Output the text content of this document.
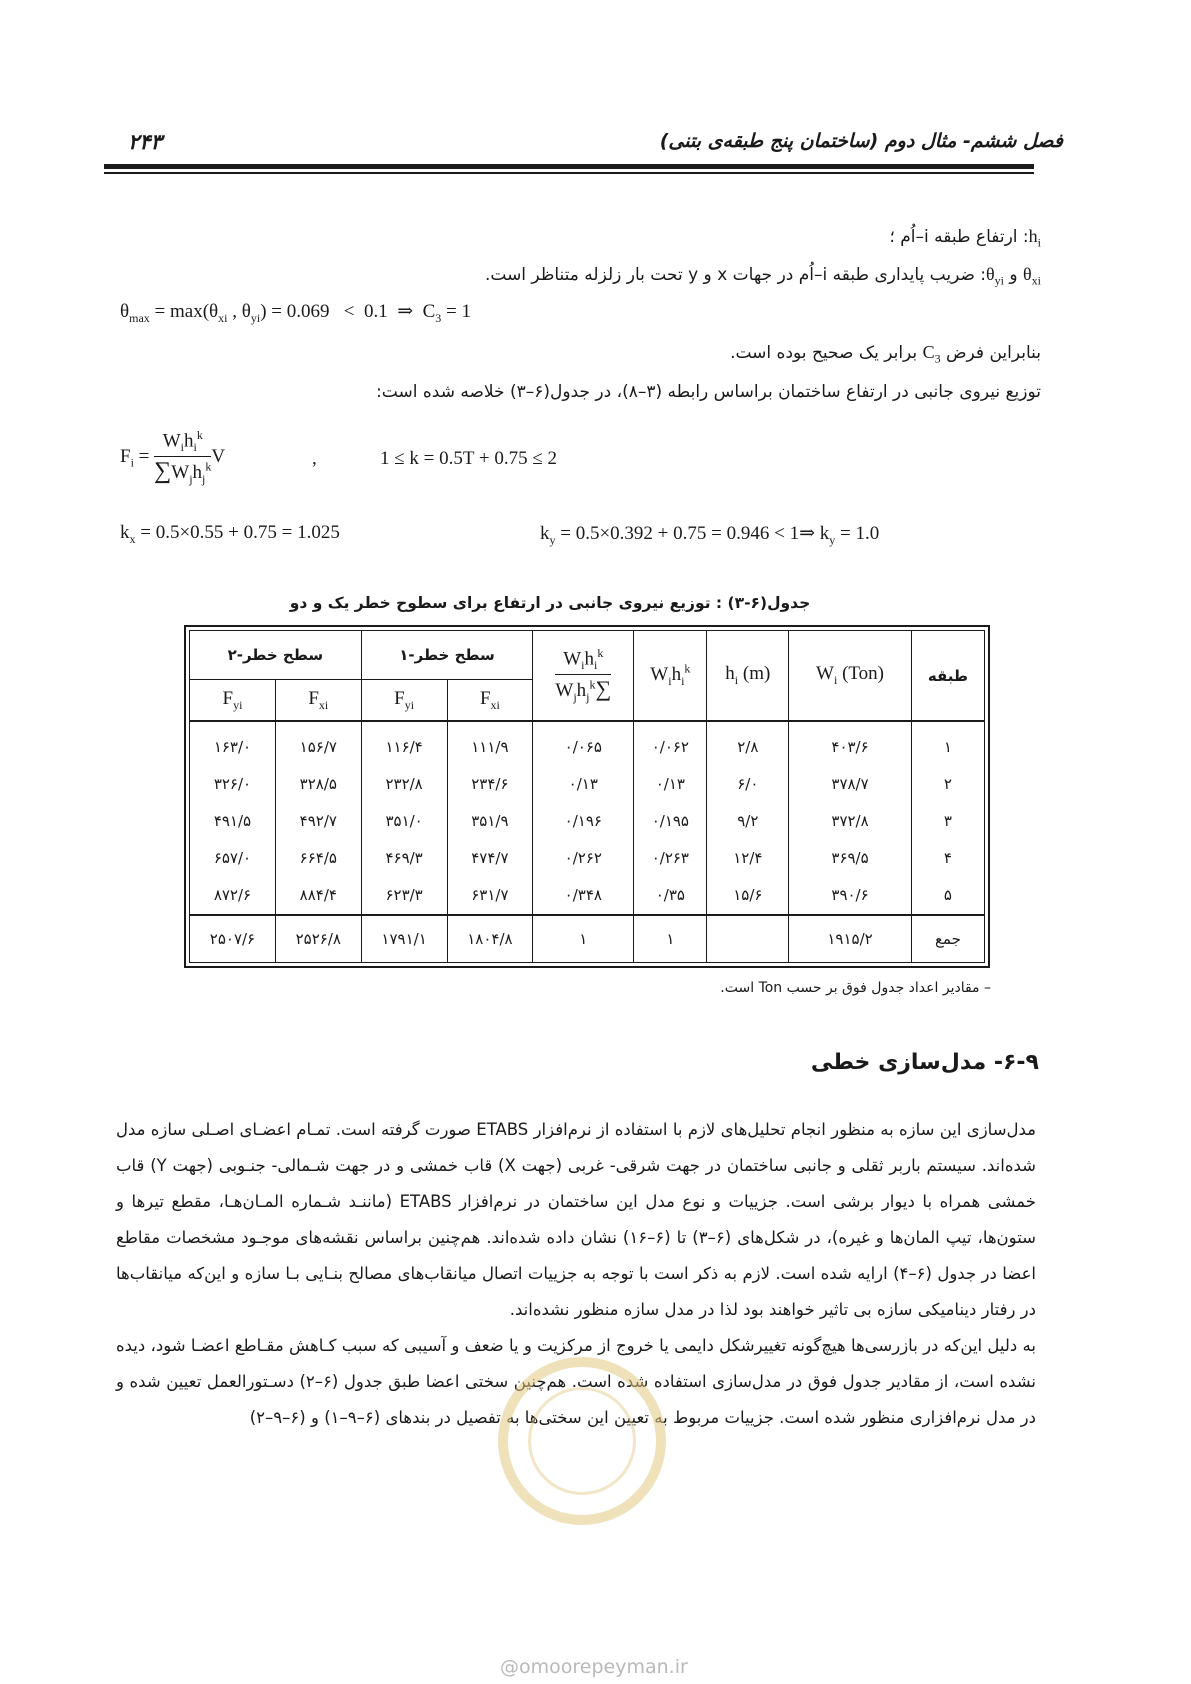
۲۴۳	فصل ششم- مثال دوم (ساختمان پنج طبقه‌ی بتنی)
$h_i$: ارتفاع طبقه i–اُم ؛
$\theta_{xi}$ و $\theta_{yi}$: ضریب پایداری طبقه i–اُم در جهات x و y تحت بار زلزله متناظر است.
$\theta_{max} = \max(\theta_{xi}$ , $\theta_{yi}) = 0.069 < 0.1$  ⇒  $C_3 = 1$
بنابراین فرض $C_3$ برابر یک صحیح بوده است.
توزیع نیروی جانبی در ارتفاع ساختمان براساس رابطه (۳–۸)، در جدول(۶–۳) خلاصه شده است:
$F_i = \frac{W_ih_i^k}{\sum W_jh_j^k}$ V	,	1 ≤ k = 0.5T + 0.75 ≤ 2
$k_x = 0.5\times 0.55 + 0.75 = 1.025$	$k_y = 0.5\times 0.392 + 0.75 = 0.946$ < 1⇒ $k_y = 1.0$
جدول(۶-۳) : توزیع نیروی جانبی در ارتفاع برای سطوح خطر یک و دو
طبقه	$W_i$ (Ton)	$h_i$ (m)	$W_ih_i^k$	$\frac{W_ih_i^k}{\sum W_jh_j^k}$	سطح خطر-۱		سطح خطر-۲	
					$F_{xi}$	$F_{yi}$	$F_{xi}$	$F_{yi}$
۱	۴۰۳/۶	۲/۸	۰/۰۶۲	۰/۰۶۵	۱۱۱/۹	۱۱۶/۴	۱۵۶/۷	۱۶۳/۰
۲	۳۷۸/۷	۶/۰	۰/۱۳	۰/۱۳	۲۳۴/۶	۲۳۲/۸	۳۲۸/۵	۳۲۶/۰
۳	۳۷۲/۸	۹/۲	۰/۱۹۵	۰/۱۹۶	۳۵۱/۹	۳۵۱/۰	۴۹۲/۷	۴۹۱/۵
۴	۳۶۹/۵	۱۲/۴	۰/۲۶۳	۰/۲۶۲	۴۷۴/۷	۴۶۹/۳	۶۶۴/۵	۶۵۷/۰
۵	۳۹۰/۶	۱۵/۶	۰/۳۵	۰/۳۴۸	۶۳۱/۷	۶۲۳/۳	۸۸۴/۴	۸۷۲/۶
جمع	۱۹۱۵/۲		۱	۱	۱۸۰۴/۸	۱۷۹۱/۱	۲۵۲۶/۸	۲۵۰۷/۶
– مقادیر اعداد جدول فوق بر حسب Ton است.
۶-۹- مدل‌سازی خطی
مدل‌سازی این سازه به منظور انجام تحلیل‌های لازم با استفاده از نرم‌افزار ETABS صورت گرفته است. تمـام اعضـای اصـلی سازه مدل شده‌اند. سیستم باربر ثقلی و جانبی ساختمان در جهت شرقی- غربی (جهت X) قاب خمشی و در جهت شـمالی- جنـوبی (جهت Y) قاب خمشی همراه با دیوار برشی است. جزییات و نوع مدل این ساختمان در نرم‌افزار ETABS (ماننـد شـماره المـان‌هـا، مقطع تیرها و ستون‌ها، تیپ المان‌ها و غیره)، در شکل‌های (۶–۳) تا (۶–۱۶) نشان داده شده‌اند. هم‌چنین براساس نقشه‌های موجـود مشخصات مقاطع اعضا در جدول (۶–۴) ارایه شده است. لازم به ذکر است با توجه به جزییات اتصال میانقاب‌های مصالح بنـایی بـا سازه و این‌که میانقاب‌ها در رفتار دینامیکی سازه بی تاثیر خواهند بود لذا در مدل سازه منظور نشده‌اند.
به دلیل این‌که در بازرسی‌ها هیچ‌گونه تغییرشکل دایمی یا خروج از مرکزیت و یا ضعف و آسیبی که سبب کـاهش مقـاطع اعضـا شود، دیده نشده است، از مقادیر جدول فوق در مدل‌سازی استفاده شده است. هم‌چنین سختی اعضا طبق جدول (۶–۲) دسـتورالعمل تعیین شده و در مدل نرم‌افزاری منظور شده است. جزییات مربوط به تعیین این سختی‌ها به تفصیل در بندهای (۶–۹–۱) و (۶–۹–۲)
@omoorepeyman.ir
